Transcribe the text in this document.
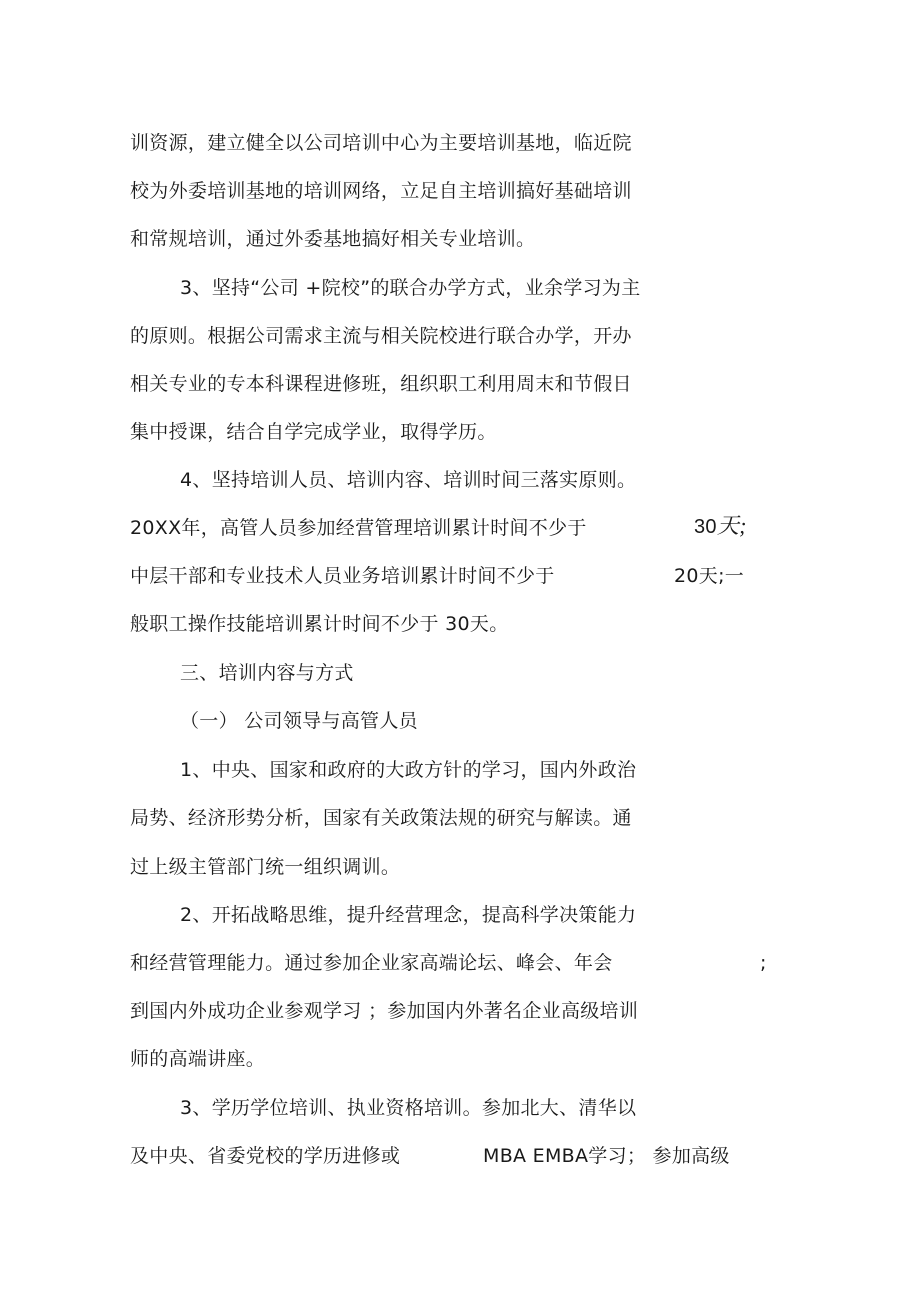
训资源，建立健全以公司培训中心为主要培训基地，临近院
校为外委培训基地的培训网络，立足自主培训搞好基础培训
和常规培训，通过外委基地搞好相关专业培训。
3、坚持“公司 +院校”的联合办学方式，业余学习为主
的原则。根据公司需求主流与相关院校进行联合办学，开办
相关专业的专本科课程进修班，组织职工利用周末和节假日
集中授课，结合自学完成学业，取得学历。
4、坚持培训人员、培训内容、培训时间三落实原则。
20XX年，高管人员参加经营管理培训累计时间不少于	30天;
中层干部和专业技术人员业务培训累计时间不少于	20天;一
般职工操作技能培训累计时间不少于 30天。
三、培训内容与方式
（一） 公司领导与高管人员
1、中央、国家和政府的大政方针的学习，国内外政治
局势、经济形势分析，国家有关政策法规的研究与解读。通
过上级主管部门统一组织调训。
2、开拓战略思维，提升经营理念，提高科学决策能力
和经营管理能力。通过参加企业家高端论坛、峰会、年会	;
到国内外成功企业参观学习 ；参加国内外著名企业高级培训
师的高端讲座。
3、学历学位培训、执业资格培训。参加北大、清华以
及中央、省委党校的学历进修或	MBA EMBA学习； 参加高级
